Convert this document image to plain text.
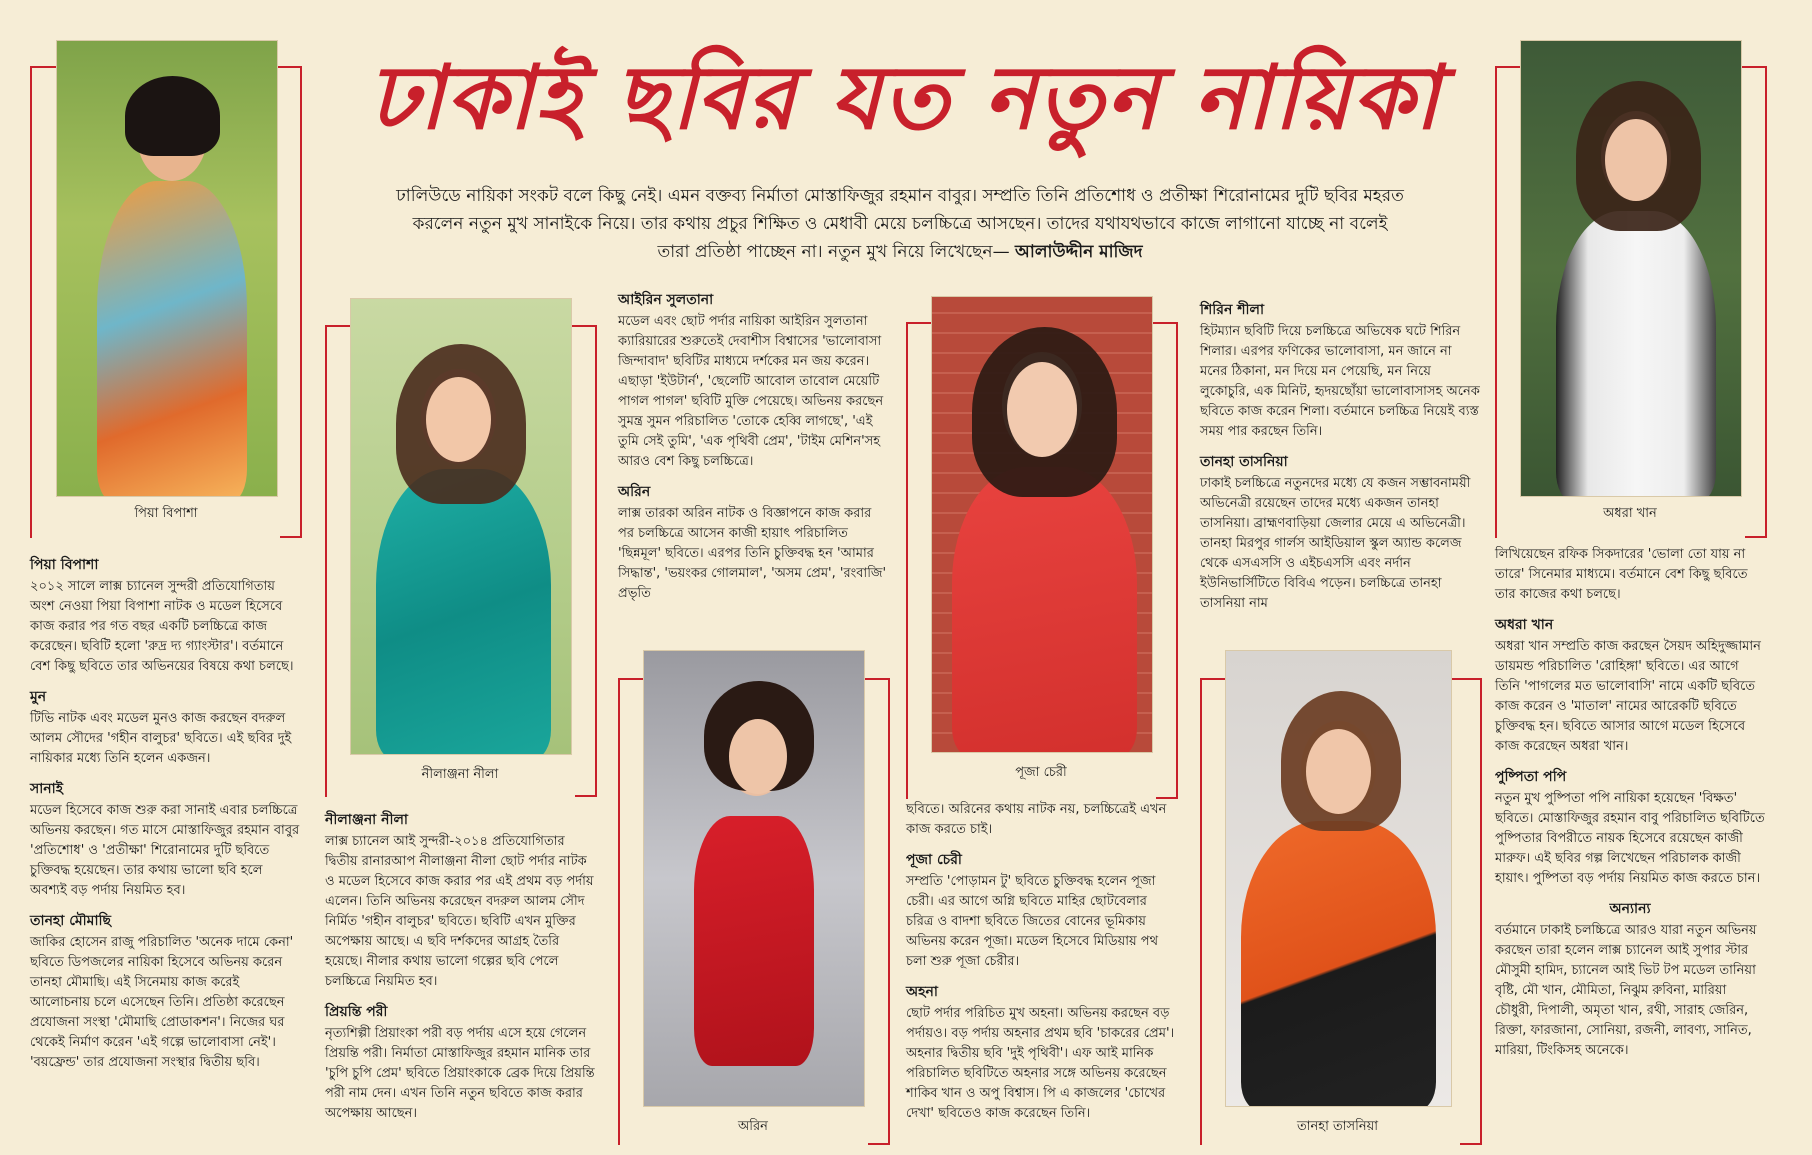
ঢাকাই ছবির যত নতুন নায়িকা
ঢালিউডে নায়িকা সংকট বলে কিছু নেই। এমন বক্তব্য নির্মাতা মোস্তাফিজুর রহমান বাবুর। সম্প্রতি তিনি প্রতিশোধ ও প্রতীক্ষা শিরোনামের দুটি ছবির মহরত করলেন নতুন মুখ সানাইকে নিয়ে। তার কথায় প্রচুর শিক্ষিত ও মেধাবী মেয়ে চলচ্চিত্রে আসছেন। তাদের যথাযথভাবে কাজে লাগানো যাচ্ছে না বলেই তারা প্রতিষ্ঠা পাচ্ছেন না। নতুন মুখ নিয়ে লিখেছেন— আলাউদ্দীন মাজিদ
পিয়া বিপাশা
নীলাঞ্জনা নীলা
অরিন
পূজা চেরী
তানহা তাসনিয়া
অধরা খান
পিয়া বিপাশা

২০১২ সালে লাক্স চ্যানেল সুন্দরী প্রতিযোগিতায় অংশ নেওয়া পিয়া বিপাশা নাটক ও মডেল হিসেবে কাজ করার পর গত বছর একটি চলচ্চিত্রে কাজ করেছেন। ছবিটি হলো 'রুদ্র দ্য গ্যাংস্টার'। বর্তমানে বেশ কিছু ছবিতে তার অভিনয়ের বিষয়ে কথা চলছে।

মুন

টিভি নাটক এবং মডেল মুনও কাজ করছেন বদরুল আলম সৌদের 'গহীন বালুচর' ছবিতে। এই ছবির দুই নায়িকার মধ্যে তিনি হলেন একজন।

সানাই

মডেল হিসেবে কাজ শুরু করা সানাই এবার চলচ্চিত্রে অভিনয় করছেন। গত মাসে মোস্তাফিজুর রহমান বাবুর 'প্রতিশোধ' ও 'প্রতীক্ষা' শিরোনামের দুটি ছবিতে চুক্তিবদ্ধ হয়েছেন। তার কথায় ভালো ছবি হলে অবশ্যই বড় পর্দায় নিয়মিত হব।

তানহা মৌমাছি

জাকির হোসেন রাজু পরিচালিত 'অনেক দামে কেনা' ছবিতে ডিপজলের নায়িকা হিসেবে অভিনয় করেন তানহা মৌমাছি। এই সিনেমায় কাজ করেই আলোচনায় চলে এসেছেন তিনি। প্রতিষ্ঠা করেছেন প্রযোজনা সংস্থা 'মৌমাছি প্রোডাকশন'। নিজের ঘর থেকেই নির্মাণ করেন 'এই গল্পে ভালোবাসা নেই'। 'বয়ফ্রেন্ড' তার প্রযোজনা সংস্থার দ্বিতীয় ছবি।

নীলাঞ্জনা নীলা

লাক্স চ্যানেল আই সুন্দরী-২০১৪ প্রতিযোগিতার দ্বিতীয় রানারআপ নীলাঞ্জনা নীলা ছোট পর্দার নাটক ও মডেল হিসেবে কাজ করার পর এই প্রথম বড় পর্দায় এলেন। তিনি অভিনয় করেছেন বদরুল আলম সৌদ নির্মিত 'গহীন বালুচর' ছবিতে। ছবিটি এখন মুক্তির অপেক্ষায় আছে। এ ছবি দর্শকদের আগ্রহ তৈরি হয়েছে। নীলার কথায় ভালো গল্পের ছবি পেলে চলচ্চিত্রে নিয়মিত হব।

প্রিয়ন্তি পরী

নৃত্যশিল্পী প্রিয়াংকা পরী বড় পর্দায় এসে হয়ে গেলেন প্রিয়ন্তি পরী। নির্মাতা মোস্তাফিজুর রহমান মানিক তার 'চুপি চুপি প্রেম' ছবিতে প্রিয়াংকাকে ব্রেক দিয়ে প্রিয়ন্তি পরী নাম দেন। এখন তিনি নতুন ছবিতে কাজ করার অপেক্ষায় আছেন।

আইরিন সুলতানা

মডেল এবং ছোট পর্দার নায়িকা আইরিন সুলতানা ক্যারিয়ারের শুরুতেই দেবাশীস বিশ্বাসের 'ভালোবাসা জিন্দাবাদ' ছবিটির মাধ্যমে দর্শকের মন জয় করেন। এছাড়া 'ইউটার্ন', 'ছেলেটি আবোল তাবোল মেয়েটি পাগল পাগল' ছবিটি মুক্তি পেয়েছে। অভিনয় করছেন সুমন্ত্র সুমন পরিচালিত 'তোকে হেব্বি লাগছে', 'এই তুমি সেই তুমি', 'এক পৃথিবী প্রেম', 'টাইম মেশিন'সহ আরও বেশ কিছু চলচ্চিত্রে।

অরিন

লাক্স তারকা অরিন নাটক ও বিজ্ঞাপনে কাজ করার পর চলচ্চিত্রে আসেন কাজী হায়াৎ পরিচালিত 'ছিন্নমূল' ছবিতে। এরপর তিনি চুক্তিবদ্ধ হন 'আমার সিদ্ধান্ত', 'ভয়ংকর গোলমাল', 'অসম প্রেম', 'রংবাজি' প্রভৃতি

ছবিতে। অরিনের কথায় নাটক নয়, চলচ্চিত্রেই এখন কাজ করতে চাই।

পূজা চেরী

সম্প্রতি 'পোড়ামন টু' ছবিতে চুক্তিবদ্ধ হলেন পূজা চেরী। এর আগে অগ্নি ছবিতে মাহির ছোটবেলার চরিত্র ও বাদশা ছবিতে জিতের বোনের ভূমিকায় অভিনয় করেন পূজা। মডেল হিসেবে মিডিয়ায় পথ চলা শুরু পূজা চেরীর।

অহনা

ছোট পর্দার পরিচিত মুখ অহনা। অভিনয় করছেন বড় পর্দায়ও। বড় পর্দায় অহনার প্রথম ছবি 'চাকরের প্রেম'। অহনার দ্বিতীয় ছবি 'দুই পৃথিবী'। এফ আই মানিক পরিচালিত ছবিটিতে অহনার সঙ্গে অভিনয় করেছেন শাকিব খান ও অপু বিশ্বাস। পি এ কাজলের 'চোখের দেখা' ছবিতেও কাজ করেছেন তিনি।

শিরিন শীলা

হিটম্যান ছবিটি দিয়ে চলচ্চিত্রে অভিষেক ঘটে শিরিন শিলার। এরপর ফণিকের ভালোবাসা, মন জানে না মনের ঠিকানা, মন দিয়ে মন পেয়েছি, মন নিয়ে লুকোচুরি, এক মিনিট, হৃদয়ছোঁয়া ভালোবাসাসহ অনেক ছবিতে কাজ করেন শিলা। বর্তমানে চলচ্চিত্র নিয়েই ব্যস্ত সময় পার করছেন তিনি।

তানহা তাসনিয়া

ঢাকাই চলচ্চিত্রে নতুনদের মধ্যে যে কজন সম্ভাবনাময়ী অভিনেত্রী রয়েছেন তাদের মধ্যে একজন তানহা তাসনিয়া। ব্রাহ্মণবাড়িয়া জেলার মেয়ে এ অভিনেত্রী। তানহা মিরপুর গার্লস আইডিয়াল স্কুল অ্যান্ড কলেজ থেকে এসএসসি ও এইচএসসি এবং নর্দান ইউনিভার্সিটিতে বিবিএ পড়েন। চলচ্চিত্রে তানহা তাসনিয়া নাম

লিখিয়েছেন রফিক সিকদারের 'ভোলা তো যায় না তারে' সিনেমার মাধ্যমে। বর্তমানে বেশ কিছু ছবিতে তার কাজের কথা চলছে।

অধরা খান

অধরা খান সম্প্রতি কাজ করছেন সৈয়দ অহিদুজ্জামান ডায়মন্ড পরিচালিত 'রোহিঙ্গা' ছবিতে। এর আগে তিনি 'পাগলের মত ভালোবাসি' নামে একটি ছবিতে কাজ করেন ও 'মাতাল' নামের আরেকটি ছবিতে চুক্তিবদ্ধ হন। ছবিতে আসার আগে মডেল হিসেবে কাজ করেছেন অধরা খান।

পুষ্পিতা পপি

নতুন মুখ পুষ্পিতা পপি নায়িকা হয়েছেন 'বিক্ষত' ছবিতে। মোস্তাফিজুর রহমান বাবু পরিচালিত ছবিটিতে পুষ্পিতার বিপরীতে নায়ক হিসেবে রয়েছেন কাজী মারুফ। এই ছবির গল্প লিখেছেন পরিচালক কাজী হায়াৎ। পুষ্পিতা বড় পর্দায় নিয়মিত কাজ করতে চান।

অন্যান্য

বর্তমানে ঢাকাই চলচ্চিত্রে আরও যারা নতুন অভিনয় করছেন তারা হলেন লাক্স চ্যানেল আই সুপার স্টার মৌসুমী হামিদ, চ্যানেল আই ভিট টপ মডেল তানিয়া বৃষ্টি, মৌ খান, মৌমিতা, নিঝুম রুবিনা, মারিয়া চৌধুরী, দিপালী, অমৃতা খান, রথী, সারাহ জেরিন, রিক্তা, ফারজানা, সোনিয়া, রজনী, লাবণ্য, সানিত, মারিয়া, টিংকিসহ অনেকে।
